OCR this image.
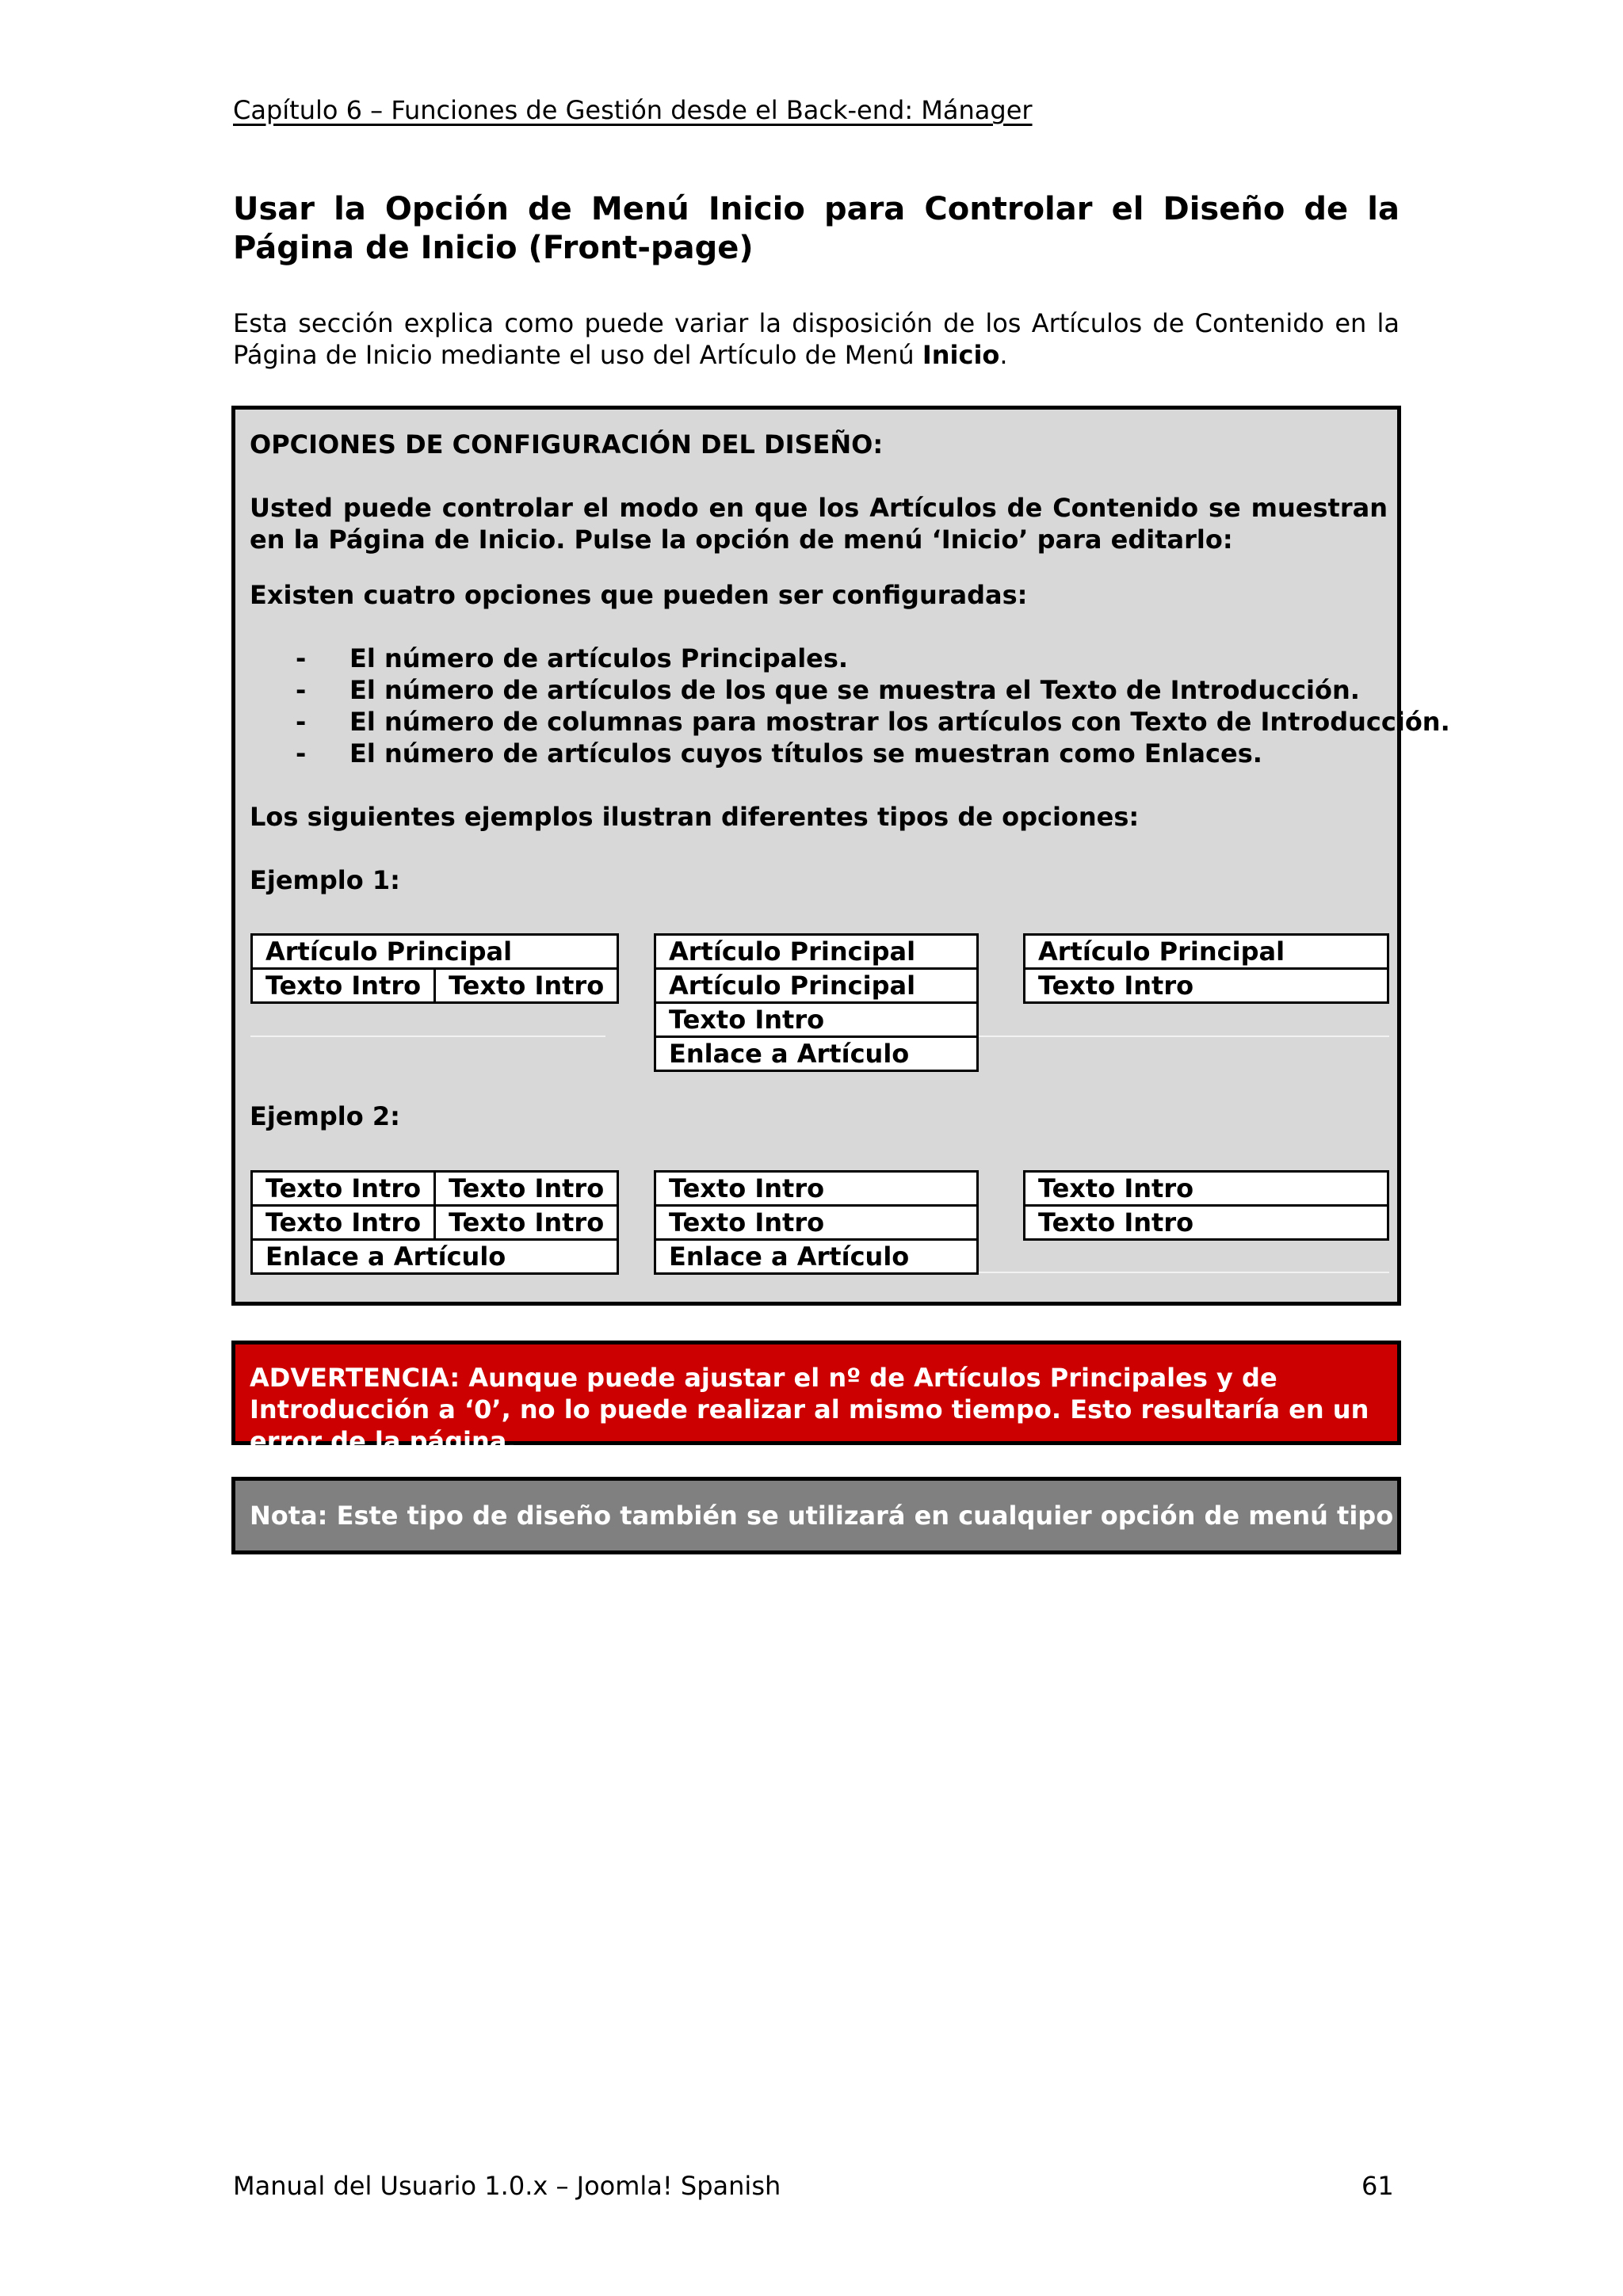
Capítulo 6 – Funciones de Gestión desde el Back-end: Mánager
Usar la Opción de Menú Inicio para Controlar el Diseño de la Página de Inicio (Front-page)

Esta sección explica como puede variar la disposición de los Artículos de Contenido en la Página de Inicio mediante el uso del Artículo de Menú Inicio.

OPCIONES DE CONFIGURACIÓN DEL DISEÑO:

Usted puede controlar el modo en que los Artículos de Contenido se muestran en la Página de Inicio. Pulse la opción de menú ‘Inicio’ para editarlo:

Existen cuatro opciones que pueden ser configuradas:
- El número de artículos Principales.
- El número de artículos de los que se muestra el Texto de Introducción.
- El número de columnas para mostrar los artículos con Texto de Introducción.
- El número de artículos cuyos títulos se muestran como Enlaces.
Los siguientes ejemplos ilustran diferentes tipos de opciones:
Ejemplo 1:
Ejemplo 2:
Artículo Principal
Texto Intro	Texto Intro
Artículo Principal
Artículo Principal
Texto Intro
Enlace a Artículo
Artículo Principal
Texto Intro
Texto Intro	Texto Intro
Texto Intro	Texto Intro
Enlace a Artículo	
Texto Intro
Texto Intro
Enlace a Artículo
Texto Intro
Texto Intro

ADVERTENCIA: Aunque puede ajustar el nº de Artículos Principales y de Introducción a ‘0’, no lo puede realizar al mismo tiempo. Esto resultaría en un error de la página.

Nota: Este tipo de diseño también se utilizará en cualquier opción de menú tipo Blog.

Manual del Usuario 1.0.x – Joomla! Spanish	61
